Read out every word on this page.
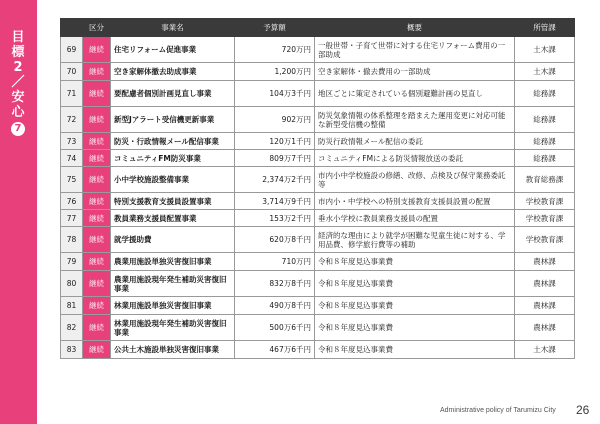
目
標
2
／
安
心
7
	区分	事業名	予算額	概要	所管課
69	継続	住宅リフォーム促進事業	720万円	一般世帯・子育て世帯に対する住宅リフォーム費用の一部助成	土木課
70	継続	空き家解体撤去助成事業	1,200万円	空き家解体・撤去費用の一部助成	土木課
71	継続	要配慮者個別計画見直し事業	104万3千円	地区ごとに策定されている個別避難計画の見直し	総務課
72	継続	新型Jアラート受信機更新事業	902万円	防災気象情報の体系整理を踏まえた運用変更に対応可能な新型受信機の整備	総務課
73	継続	防災・行政情報メール配信事業	120万1千円	防災行政情報メール配信の委託	総務課
74	継続	コミュニティFM防災事業	809万7千円	コミュニティFMによる防災情報放送の委託	総務課
75	継続	小中学校施設整備事業	2,374万2千円	市内小中学校施設の修繕、改修、点検及び保守業務委託等	教育総務課
76	継続	特別支援教育支援員設置事業	3,714万9千円	市内小・中学校への特別支援教育支援員設置の配置	学校教育課
77	継続	教員業務支援員配置事業	153万2千円	垂水小学校に教員業務支援員の配置	学校教育課
78	継続	就学援助費	620万8千円	経済的な理由により就学が困難な児童生徒に対する、学用品費、修学旅行費等の補助	学校教育課
79	継続	農業用施設単独災害復旧事業	710万円	令和８年度見込事業費	農林課
80	継続	農業用施設現年発生補助災害復旧事業	832万8千円	令和８年度見込事業費	農林課
81	継続	林業用施設単独災害復旧事業	490万8千円	令和８年度見込事業費	農林課
82	継続	林業用施設現年発生補助災害復旧事業	500万6千円	令和８年度見込事業費	農林課
83	継続	公共土木施設単独災害復旧事業	467万6千円	令和８年度見込事業費	土木課
Administrative policy of Tarumizu City 26
